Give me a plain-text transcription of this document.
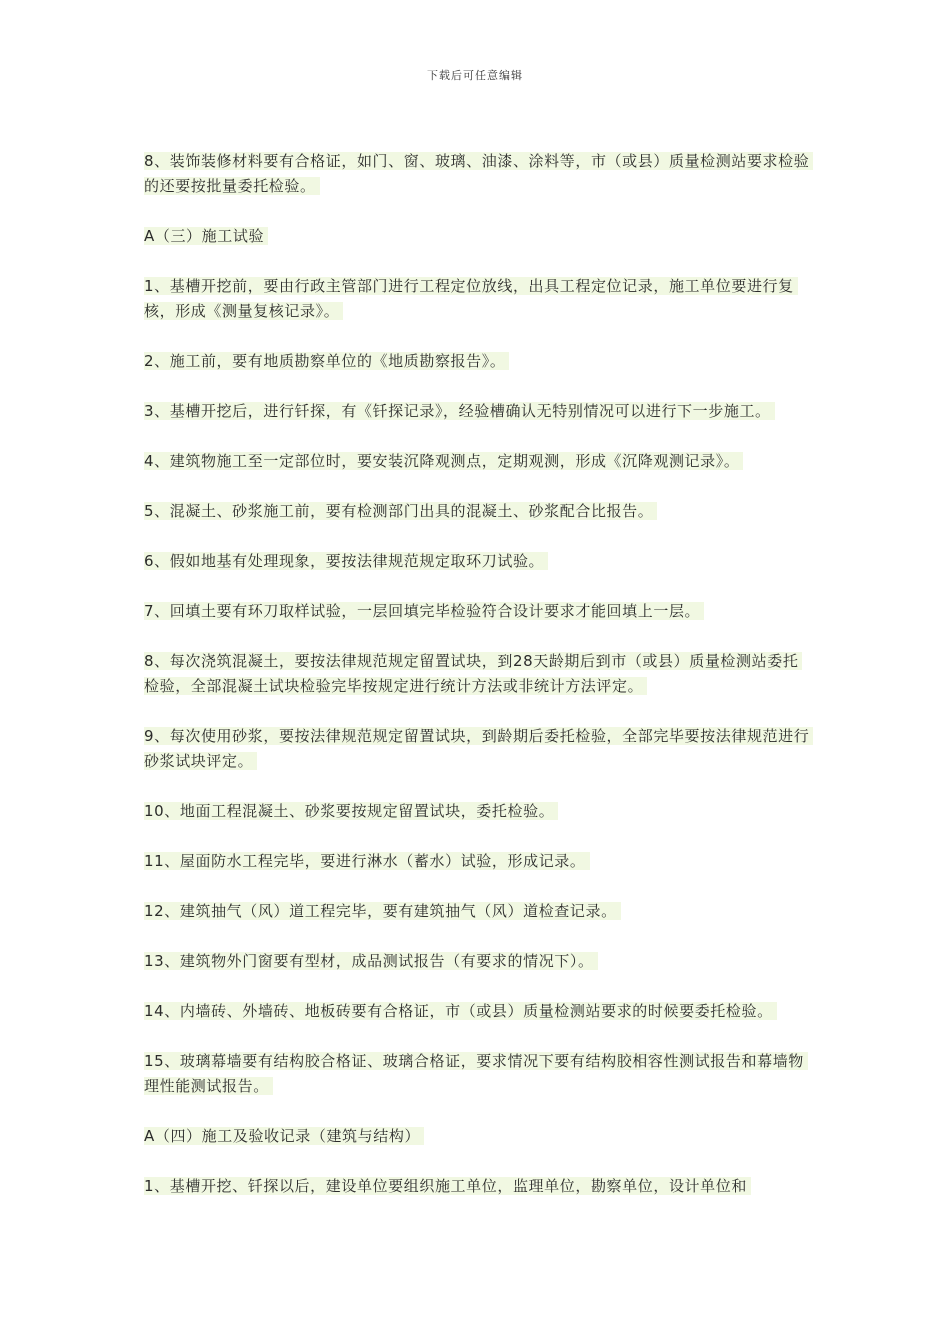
下载后可任意编辑

8、装饰装修材料要有合格证，如门、窗、玻璃、油漆、涂料等，市（或县）质量检测站要求检验的还要按批量委托检验。

A（三）施工试验

1、基槽开挖前，要由行政主管部门进行工程定位放线，出具工程定位记录，施工单位要进行复核，形成《测量复核记录》。

2、施工前，要有地质勘察单位的《地质勘察报告》。

3、基槽开挖后，进行钎探，有《钎探记录》，经验槽确认无特别情况可以进行下一步施工。

4、建筑物施工至一定部位时，要安装沉降观测点，定期观测，形成《沉降观测记录》。

5、混凝土、砂浆施工前，要有检测部门出具的混凝土、砂浆配合比报告。

6、假如地基有处理现象，要按法律规范规定取环刀试验。

7、回填土要有环刀取样试验，一层回填完毕检验符合设计要求才能回填上一层。

8、每次浇筑混凝土，要按法律规范规定留置试块，到28天龄期后到市（或县）质量检测站委托检验，全部混凝土试块检验完毕按规定进行统计方法或非统计方法评定。

9、每次使用砂浆，要按法律规范规定留置试块，到龄期后委托检验，全部完毕要按法律规范进行砂浆试块评定。

10、地面工程混凝土、砂浆要按规定留置试块，委托检验。

11、屋面防水工程完毕，要进行淋水（蓄水）试验，形成记录。

12、建筑抽气（风）道工程完毕，要有建筑抽气（风）道检查记录。

13、建筑物外门窗要有型材，成品测试报告（有要求的情况下）。

14、内墙砖、外墙砖、地板砖要有合格证，市（或县）质量检测站要求的时候要委托检验。

15、玻璃幕墙要有结构胶合格证、玻璃合格证，要求情况下要有结构胶相容性测试报告和幕墙物理性能测试报告。

A（四）施工及验收记录（建筑与结构）

1、基槽开挖、钎探以后，建设单位要组织施工单位，监理单位，勘察单位，设计单位和
